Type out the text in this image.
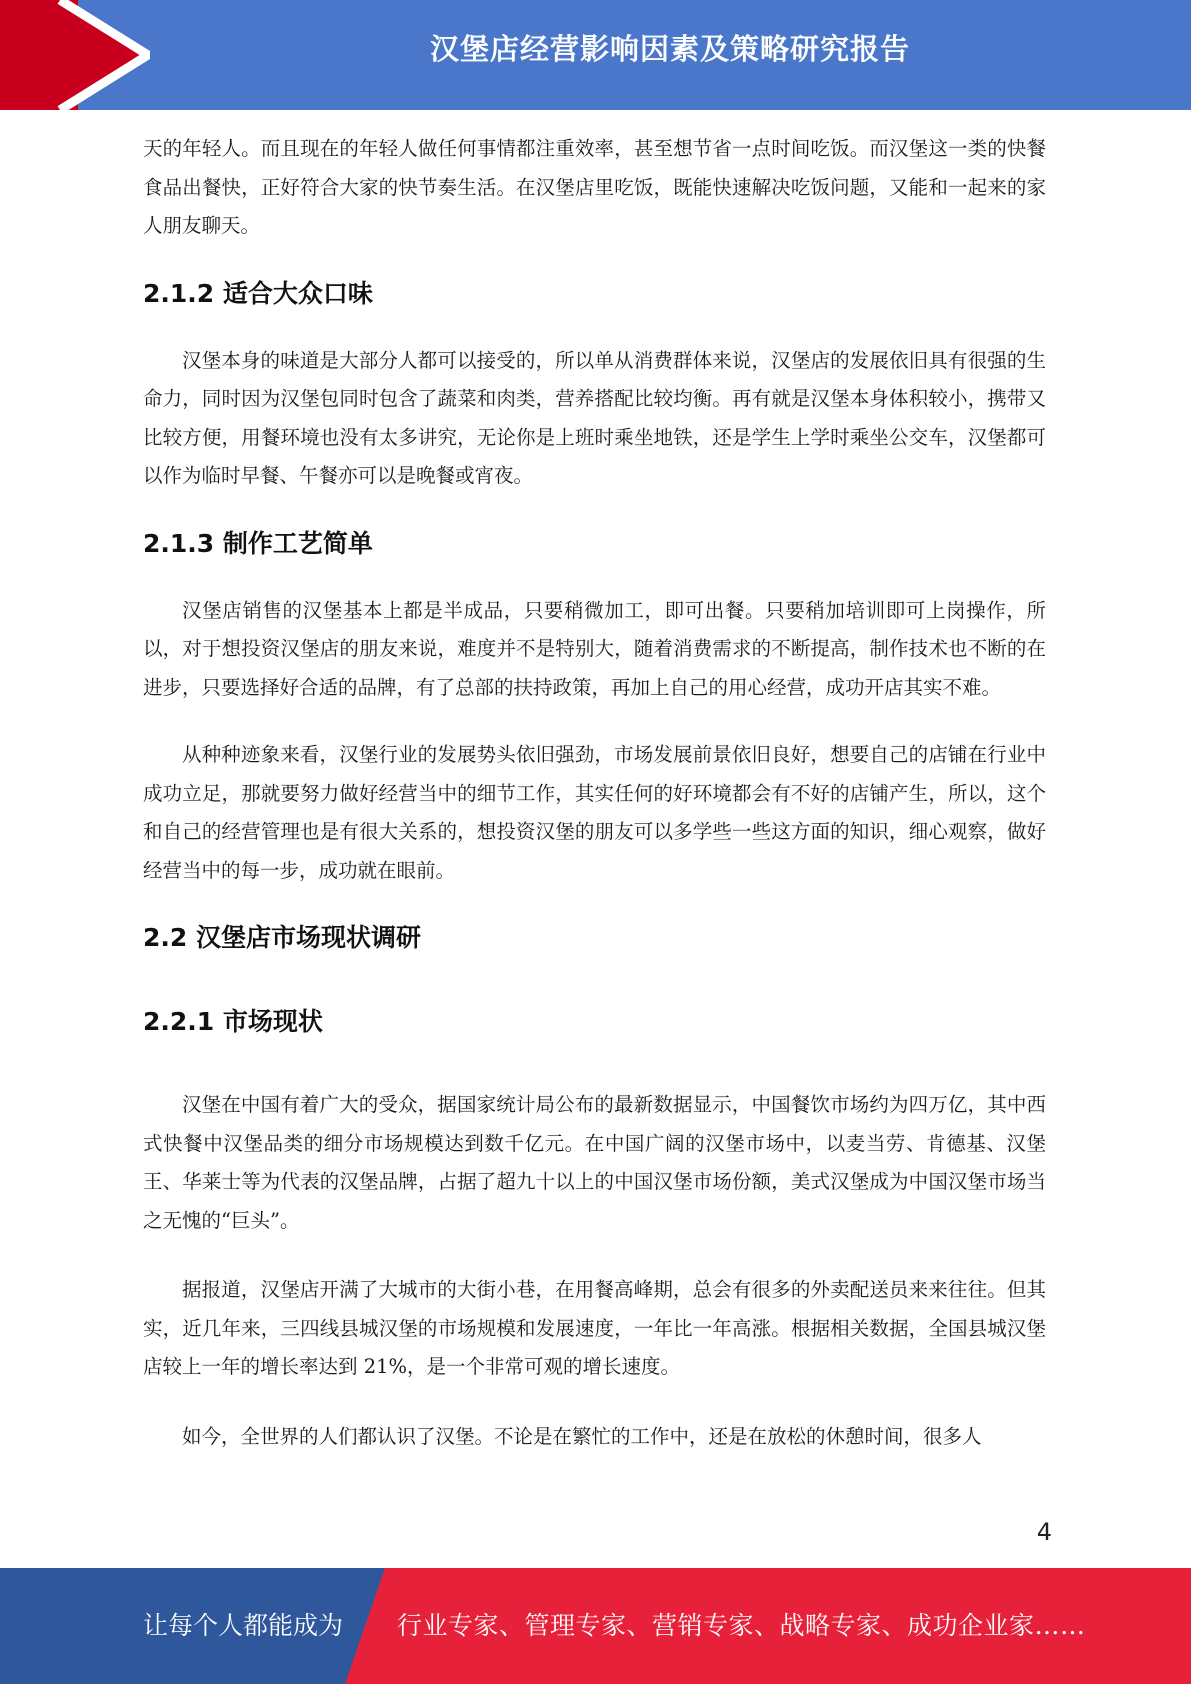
汉堡店经营影响因素及策略研究报告

天的年轻人。而且现在的年轻人做任何事情都注重效率，甚至想节省一点时间吃饭。而汉堡这一类的快餐食品出餐快，正好符合大家的快节奏生活。在汉堡店里吃饭，既能快速解决吃饭问题，又能和一起来的家人朋友聊天。

2.1.2 适合大众口味

汉堡本身的味道是大部分人都可以接受的，所以单从消费群体来说，汉堡店的发展依旧具有很强的生命力，同时因为汉堡包同时包含了蔬菜和肉类，营养搭配比较均衡。再有就是汉堡本身体积较小，携带又比较方便，用餐环境也没有太多讲究，无论你是上班时乘坐地铁，还是学生上学时乘坐公交车，汉堡都可以作为临时早餐、午餐亦可以是晚餐或宵夜。

2.1.3 制作工艺简单

汉堡店销售的汉堡基本上都是半成品，只要稍微加工，即可出餐。只要稍加培训即可上岗操作，所以，对于想投资汉堡店的朋友来说，难度并不是特别大，随着消费需求的不断提高，制作技术也不断的在进步，只要选择好合适的品牌，有了总部的扶持政策，再加上自己的用心经营，成功开店其实不难。

从种种迹象来看，汉堡行业的发展势头依旧强劲，市场发展前景依旧良好，想要自己的店铺在行业中成功立足，那就要努力做好经营当中的细节工作，其实任何的好环境都会有不好的店铺产生，所以，这个和自己的经营管理也是有很大关系的，想投资汉堡的朋友可以多学些一些这方面的知识，细心观察，做好经营当中的每一步，成功就在眼前。

2.2 汉堡店市场现状调研
2.2.1 市场现状

汉堡在中国有着广大的受众，据国家统计局公布的最新数据显示，中国餐饮市场约为四万亿，其中西式快餐中汉堡品类的细分市场规模达到数千亿元。在中国广阔的汉堡市场中，以麦当劳、肯德基、汉堡王、华莱士等为代表的汉堡品牌，占据了超九十以上的中国汉堡市场份额，美式汉堡成为中国汉堡市场当之无愧的“巨头”。

据报道，汉堡店开满了大城市的大街小巷，在用餐高峰期，总会有很多的外卖配送员来来往往。但其实，近几年来，三四线县城汉堡的市场规模和发展速度，一年比一年高涨。根据相关数据，全国县城汉堡店较上一年的增长率达到 21%，是一个非常可观的增长速度。

如今，全世界的人们都认识了汉堡。不论是在繁忙的工作中，还是在放松的休憩时间，很多人

4
让每个人都能成为 行业专家、管理专家、营销专家、战略专家、成功企业家……
